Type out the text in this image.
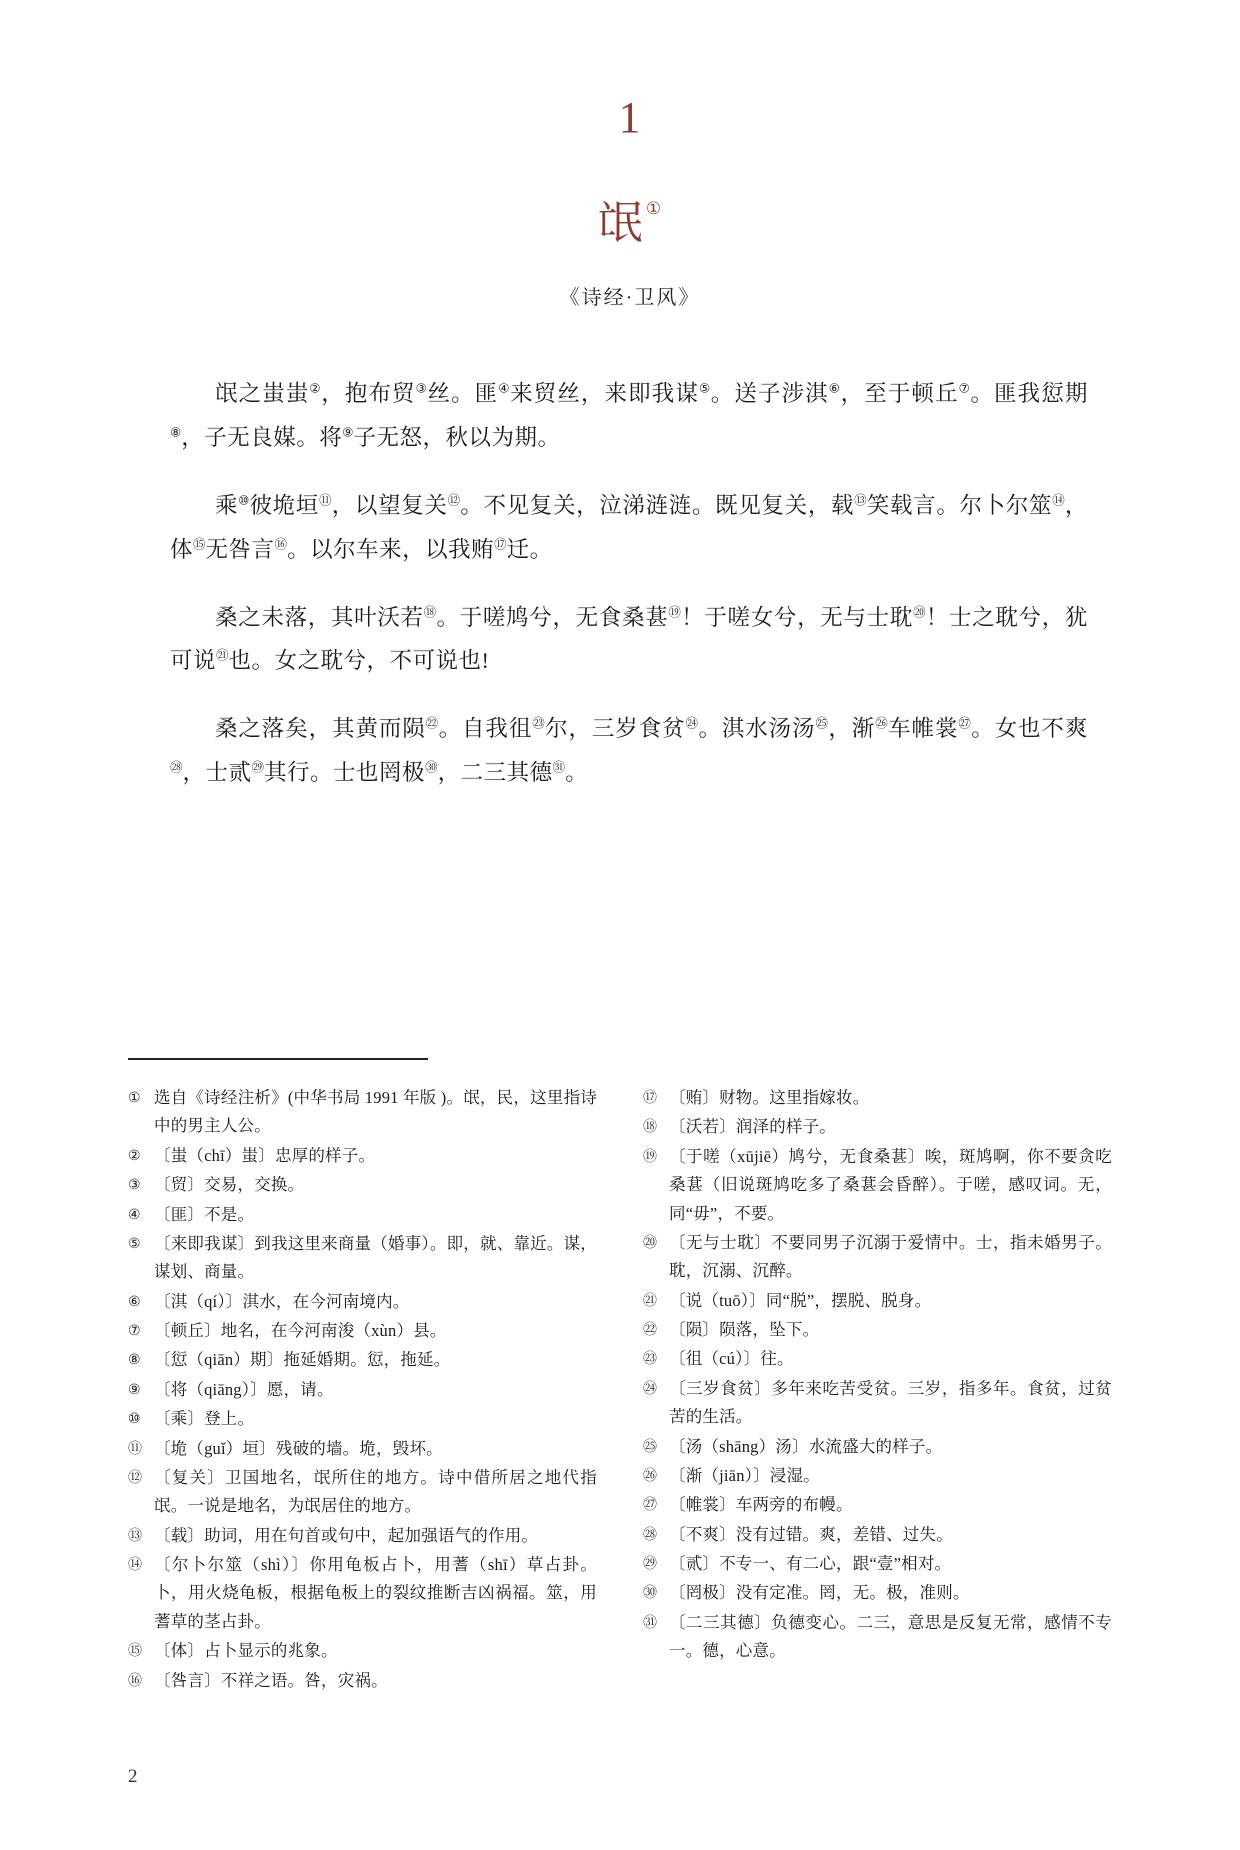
1
氓①
《诗经·卫风》

氓之蚩蚩②，抱布贸③丝。匪④来贸丝，来即我谋⑤。送子涉淇⑥，至于顿丘⑦。匪我愆期⑧，子无良媒。将⑨子无怒，秋以为期。

乘⑩彼垝垣⑪，以望复关⑫。不见复关，泣涕涟涟。既见复关，载⑬笑载言。尔卜尔筮⑭，体⑮无咎言⑯。以尔车来，以我贿⑰迁。

桑之未落，其叶沃若⑱。于嗟鸠兮，无食桑葚⑲！于嗟女兮，无与士耽⑳！士之耽兮，犹可说$^㉑$也。女之耽兮，不可说也!

桑之落矣，其黄而陨$^㉒$。自我徂$^㉓$尔，三岁食贫$^㉔$。淇水汤汤$^㉕$，渐$^㉖$车帷裳$^㉗$。女也不爽$^㉘$，士贰$^㉙$其行。士也罔极$^㉚$，二三其德$^㉛$。

① 选自《诗经注析》(中华书局 1991 年版 )。氓，民，这里指诗中的男主人公。
② 〔蚩（chī）蚩〕忠厚的样子。
③ 〔贸〕交易，交换。
④ 〔匪〕不是。
⑤ 〔来即我谋〕到我这里来商量（婚事）。即，就、靠近。谋，谋划、商量。
⑥ 〔淇（qí）〕淇水，在今河南境内。
⑦ 〔顿丘〕地名，在今河南浚（xùn）县。
⑧ 〔愆（qiān）期〕拖延婚期。愆，拖延。
⑨ 〔将（qiāng）〕愿，请。
⑩ 〔乘〕登上。
⑪ 〔垝（guǐ）垣〕残破的墙。垝，毁坏。
⑫ 〔复关〕卫国地名，氓所住的地方。诗中借所居之地代指氓。一说是地名，为氓居住的地方。
⑬ 〔载〕助词，用在句首或句中，起加强语气的作用。
⑭ 〔尔卜尔筮（shì）〕你用龟板占卜，用蓍（shī）草占卦。卜，用火烧龟板，根据龟板上的裂纹推断吉凶祸福。筮，用蓍草的茎占卦。
⑮ 〔体〕占卜显示的兆象。
⑯ 〔咎言〕不祥之语。咎，灾祸。
⑰ 〔贿〕财物。这里指嫁妆。
⑱ 〔沃若〕润泽的样子。
⑲ 〔于嗟（xūjiē）鸠兮，无食桑葚〕唉，斑鸠啊，你不要贪吃桑葚（旧说斑鸠吃多了桑葚会昏醉）。于嗟，感叹词。无，同“毋”，不要。
⑳ 〔无与士耽〕不要同男子沉溺于爱情中。士，指未婚男子。耽，沉溺、沉醉。
㉑ 〔说（tuō）〕同“脱”，摆脱、脱身。
㉒ 〔陨〕陨落，坠下。
㉓ 〔徂（cú）〕往。
㉔ 〔三岁食贫〕多年来吃苦受贫。三岁，指多年。食贫，过贫苦的生活。
㉕ 〔汤（shāng）汤〕水流盛大的样子。
㉖ 〔渐（jiān）〕浸湿。
㉗ 〔帷裳〕车两旁的布幔。
㉘ 〔不爽〕没有过错。爽，差错、过失。
㉙ 〔贰〕不专一、有二心，跟“壹”相对。
㉚ 〔罔极〕没有定准。罔，无。极，准则。
㉛ 〔二三其德〕负德变心。二三，意思是反复无常，感情不专一。德，心意。
2
